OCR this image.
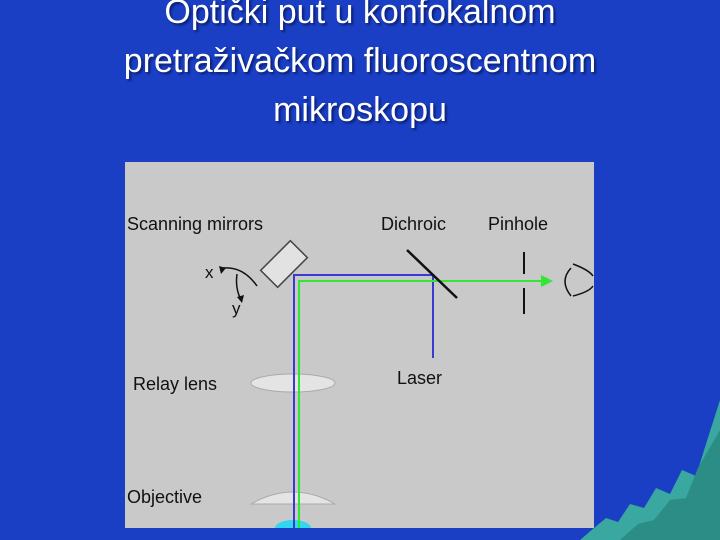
Optički put u konfokalnom
pretraživačkom fluoroscentnom
mikroskopu
Scanning mirrors	Dichroic Pinhole
x
y
Relay lens	Laser
Objective
